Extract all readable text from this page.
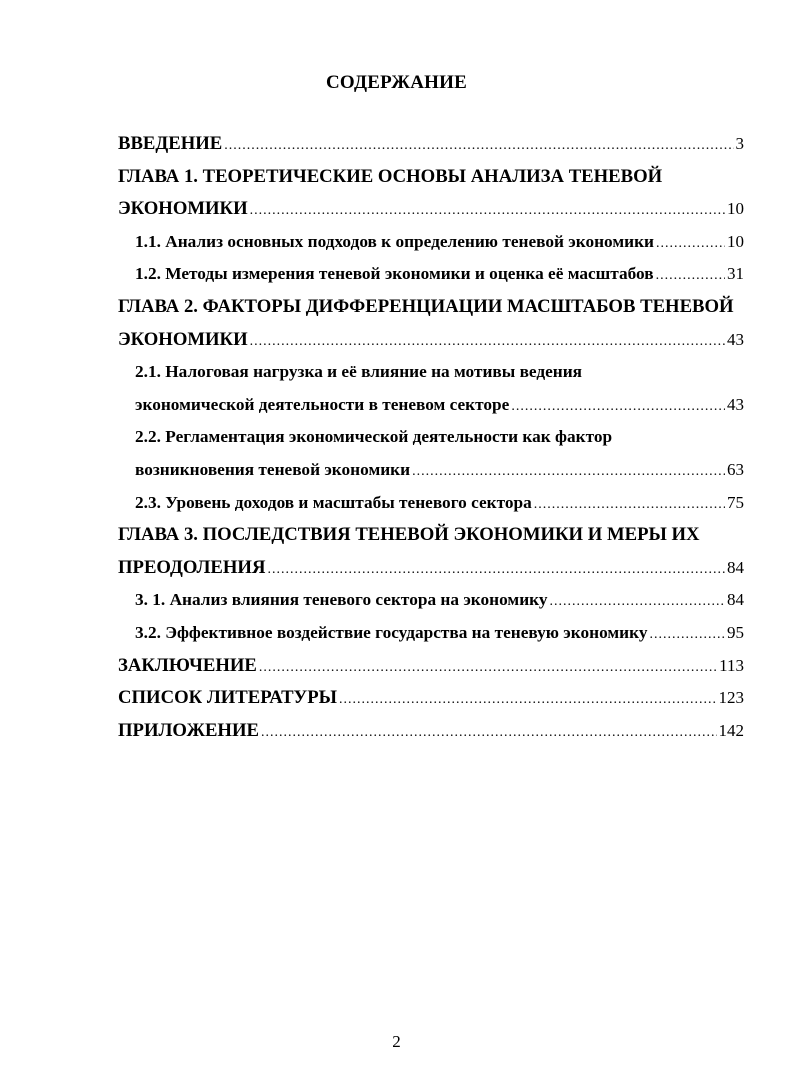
СОДЕРЖАНИЕ
ВВЕДЕНИЕ .....	3
ГЛАВА 1. ТЕОРЕТИЧЕСКИЕ ОСНОВЫ АНАЛИЗА ТЕНЕВОЙ
ЭКОНОМИКИ .....	10
1.1. Анализ основных подходов к определению теневой экономики .....	10
1.2. Методы измерения теневой экономики и оценка её масштабов .....	31
ГЛАВА 2. ФАКТОРЫ ДИФФЕРЕНЦИАЦИИ МАСШТАБОВ ТЕНЕВОЙ
ЭКОНОМИКИ .....	43
2.1. Налоговая нагрузка и её влияние на мотивы ведения
экономической деятельности в теневом секторе .....	43
2.2. Регламентация экономической деятельности как фактор
возникновения теневой экономики .....	63
2.3. Уровень доходов и масштабы теневого сектора .....	75
ГЛАВА 3. ПОСЛЕДСТВИЯ ТЕНЕВОЙ ЭКОНОМИКИ И МЕРЫ ИХ
ПРЕОДОЛЕНИЯ .....	84
3. 1. Анализ влияния теневого сектора на экономику .....	84
3.2. Эффективное воздействие государства на теневую экономику .....	95
ЗАКЛЮЧЕНИЕ .....	113
СПИСОК ЛИТЕРАТУРЫ .....	123
ПРИЛОЖЕНИЕ .....	142
2
